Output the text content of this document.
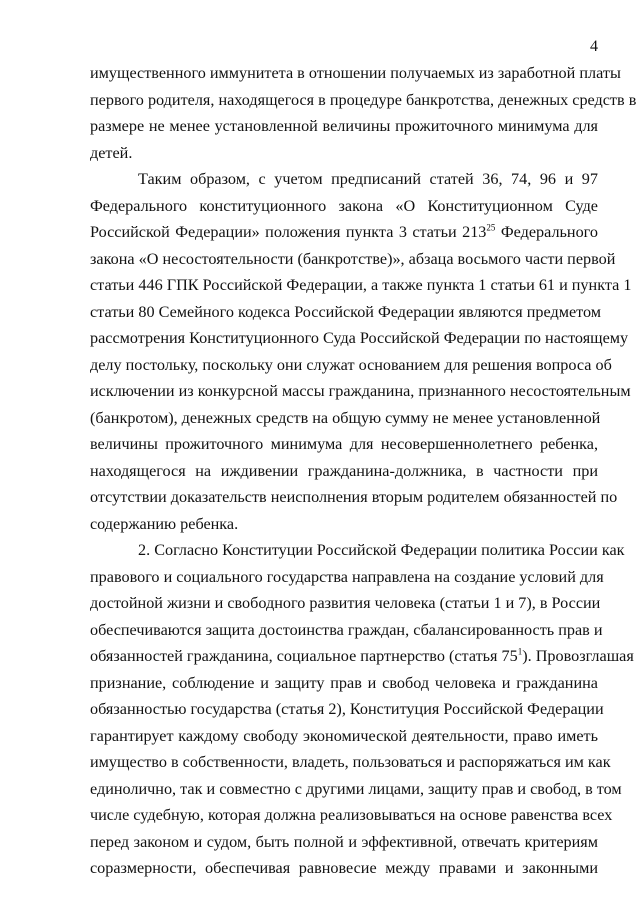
4
имущественного иммунитета в отношении получаемых из заработной платы
первого родителя, находящегося в процедуре банкротства, денежных средств в
размере не менее установленной величины прожиточного минимума для
детей.
Таким образом, с учетом предписаний статей 36, 74, 96 и 97
Федерального конституционного закона «О Конституционном Суде
Российской Федерации» положения пункта 3 статьи $213^{25}$ Федерального
закона «О несостоятельности (банкротстве)», абзаца восьмого части первой
статьи 446 ГПК Российской Федерации, а также пункта 1 статьи 61 и пункта 1
статьи 80 Семейного кодекса Российской Федерации являются предметом
рассмотрения Конституционного Суда Российской Федерации по настоящему
делу постольку, поскольку они служат основанием для решения вопроса об
исключении из конкурсной массы гражданина, признанного несостоятельным
(банкротом), денежных средств на общую сумму не менее установленной
величины прожиточного минимума для несовершеннолетнего ребенка,
находящегося на иждивении гражданина-должника, в частности при
отсутствии доказательств неисполнения вторым родителем обязанностей по
содержанию ребенка.
2. Согласно Конституции Российской Федерации политика России как
правового и социального государства направлена на создание условий для
достойной жизни и свободного развития человека (статьи 1 и 7), в России
обеспечиваются защита достоинства граждан, сбалансированность прав и
обязанностей гражданина, социальное партнерство (статья $75^1$). Провозглашая
признание, соблюдение и защиту прав и свобод человека и гражданина
обязанностью государства (статья 2), Конституция Российской Федерации
гарантирует каждому свободу экономической деятельности, право иметь
имущество в собственности, владеть, пользоваться и распоряжаться им как
единолично, так и совместно с другими лицами, защиту прав и свобод, в том
числе судебную, которая должна реализовываться на основе равенства всех
перед законом и судом, быть полной и эффективной, отвечать критериям
соразмерности, обеспечивая равновесие между правами и законными
